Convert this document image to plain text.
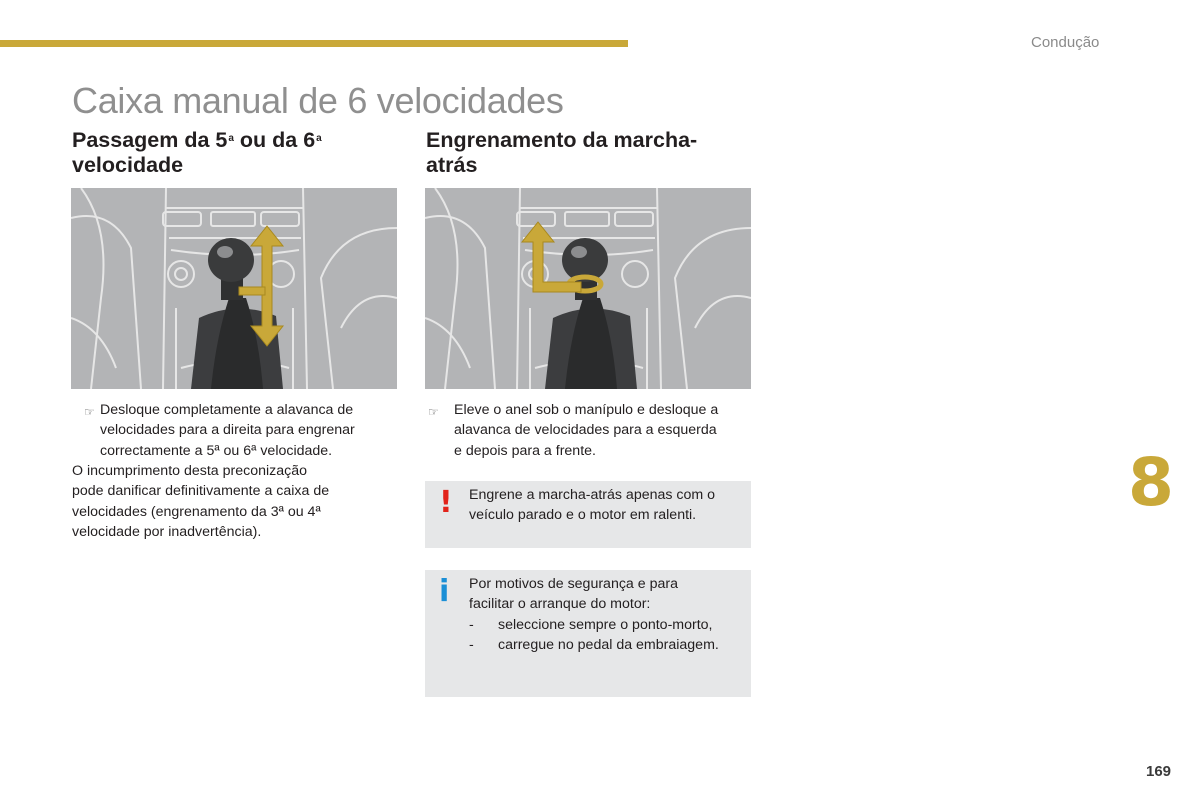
Condução
Caixa manual de 6 velocidades
Passagem da 5$^a$ ou da 6$^a$
velocidade
Engrenamento da marcha-
atrás
☞ Desloque completamente a alavanca de
velocidades para a direita para engrenar
correctamente a 5ª ou 6ª velocidade.
O incumprimento desta preconização
pode danificar definitivamente a caixa de
velocidades (engrenamento da 3ª ou 4ª
velocidade por inadvertência).
☞ Eleve o anel sob o manípulo e desloque a
alavanca de velocidades para a esquerda
e depois para a frente.
! Engrene a marcha-atrás apenas com o
veículo parado e o motor em ralenti.
i Por motivos de segurança e para
facilitar o arranque do motor:
- seleccione sempre o ponto-morto,
- carregue no pedal da embraiagem.
8
169
